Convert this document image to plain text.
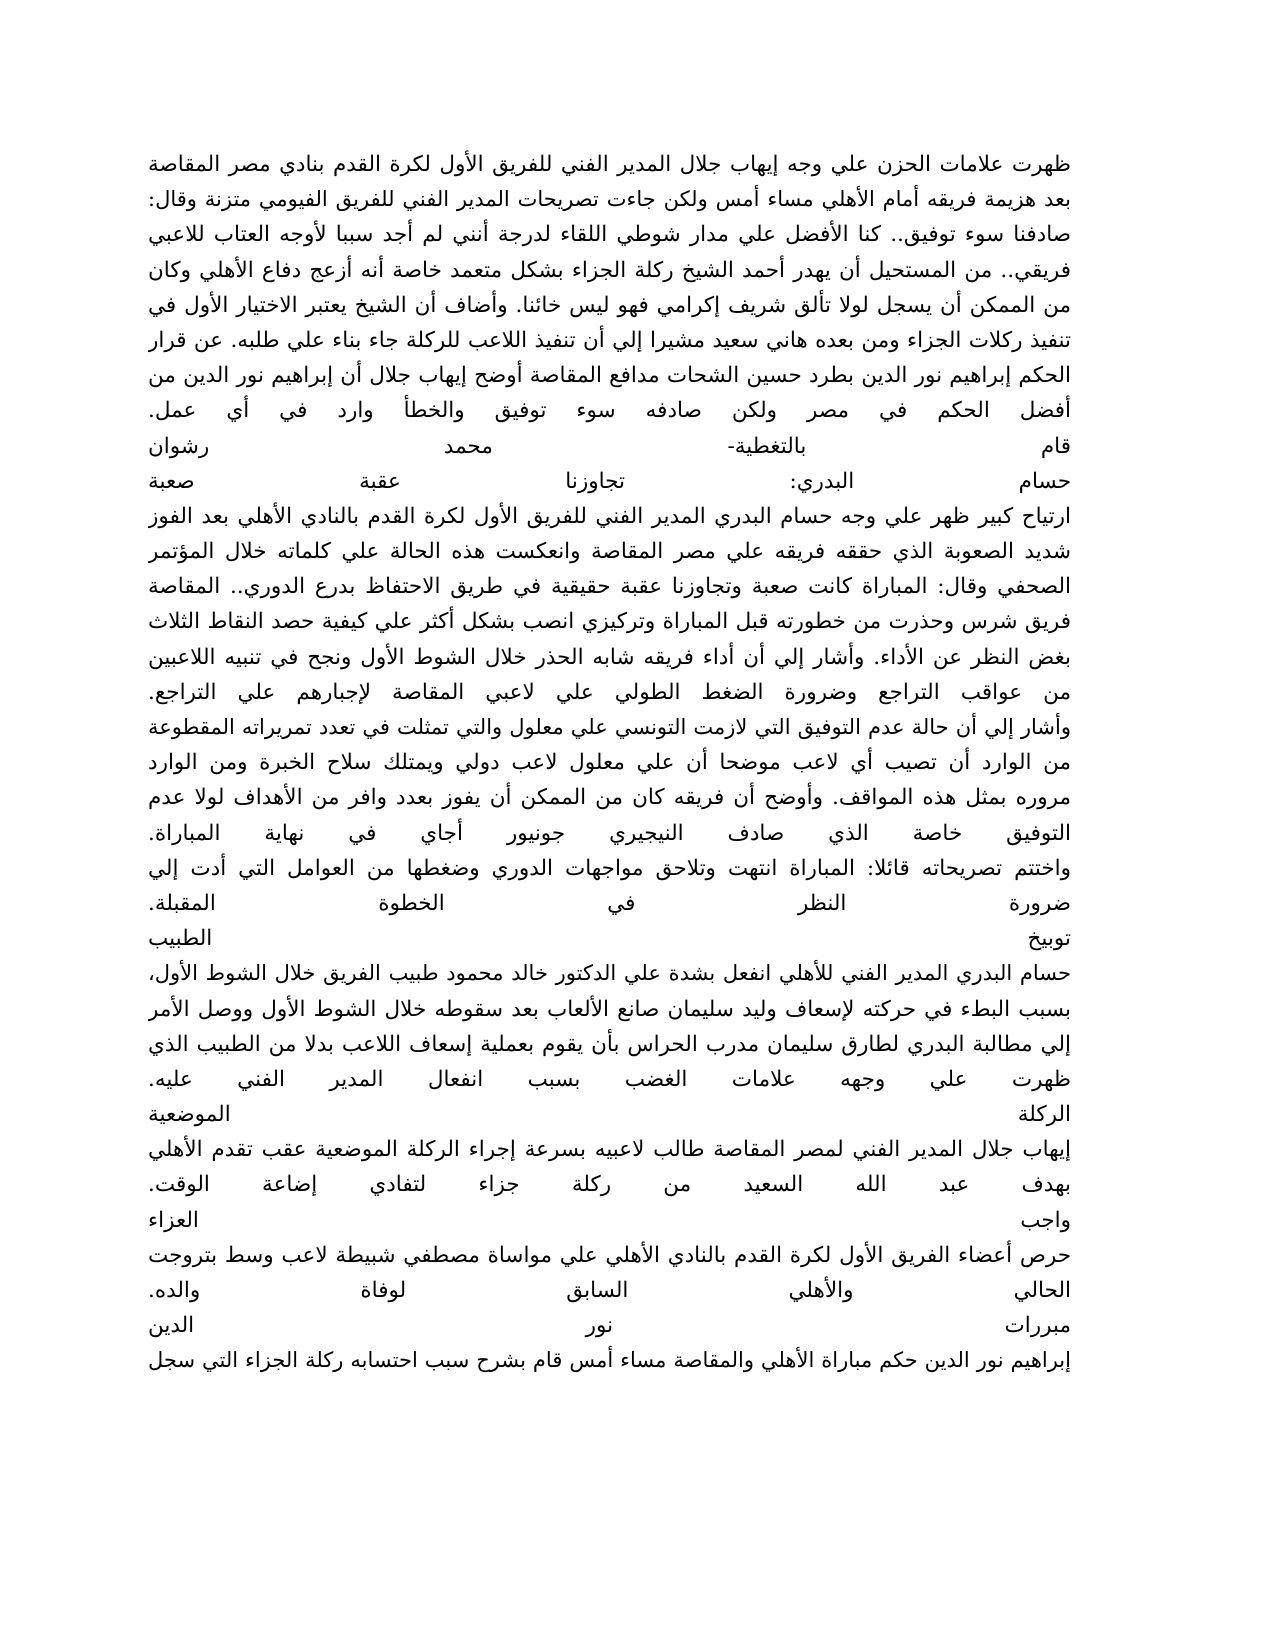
ظهرت علامات الحزن علي وجه إيهاب جلال المدير الفني للفريق الأول لكرة القدم بنادي مصر المقاصة
بعد هزيمة فريقه أمام الأهلي مساء أمس ولكن جاءت تصريحات المدير الفني للفريق الفيومي متزنة وقال:
صادفنا سوء توفيق.. كنا الأفضل علي مدار شوطي اللقاء لدرجة أنني لم أجد سببا لأوجه العتاب للاعبي
فريقي.. من المستحيل أن يهدر أحمد الشيخ ركلة الجزاء بشكل متعمد خاصة أنه أزعج دفاع الأهلي وكان
من الممكن أن يسجل لولا تألق شريف إكرامي فهو ليس خائنا. وأضاف أن الشيخ يعتبر الاختيار الأول في
تنفيذ ركلات الجزاء ومن بعده هاني سعيد مشيرا إلي أن تنفيذ اللاعب للركلة جاء بناء علي طلبه. عن قرار
الحكم إبراهيم نور الدين بطرد حسين الشحات مدافع المقاصة أوضح إيهاب جلال أن إبراهيم نور الدين من
أفضل الحكم في مصر ولكن صادفه سوء توفيق والخطأ وارد في أي عمل.
قام بالتغطية- محمد رشوان
حسام البدري: تجاوزنا عقبة صعبة
ارتياح كبير ظهر علي وجه حسام البدري المدير الفني للفريق الأول لكرة القدم بالنادي الأهلي بعد الفوز
شديد الصعوبة الذي حققه فريقه علي مصر المقاصة وانعكست هذه الحالة علي كلماته خلال المؤتمر
الصحفي وقال: المباراة كانت صعبة وتجاوزنا عقبة حقيقية في طريق الاحتفاظ بدرع الدوري.. المقاصة
فريق شرس وحذرت من خطورته قبل المباراة وتركيزي انصب بشكل أكثر علي كيفية حصد النقاط الثلاث
بغض النظر عن الأداء. وأشار إلي أن أداء فريقه شابه الحذر خلال الشوط الأول ونجح في تنبيه اللاعبين
من عواقب التراجع وضرورة الضغط الطولي علي لاعبي المقاصة لإجبارهم علي التراجع.
وأشار إلي أن حالة عدم التوفيق التي لازمت التونسي علي معلول والتي تمثلت في تعدد تمريراته المقطوعة
من الوارد أن تصيب أي لاعب موضحا أن علي معلول لاعب دولي ويمتلك سلاح الخبرة ومن الوارد
مروره بمثل هذه المواقف. وأوضح أن فريقه كان من الممكن أن يفوز بعدد وافر من الأهداف لولا عدم
التوفيق خاصة الذي صادف النيجيري جونيور أجاي في نهاية المباراة.
واختتم تصريحاته قائلا: المباراة انتهت وتلاحق مواجهات الدوري وضغطها من العوامل التي أدت إلي
ضرورة النظر في الخطوة المقبلة.
توبيخ الطبيب
حسام البدري المدير الفني للأهلي انفعل بشدة علي الدكتور خالد محمود طبيب الفريق خلال الشوط الأول،
بسبب البطء في حركته لإسعاف وليد سليمان صانع الألعاب بعد سقوطه خلال الشوط الأول ووصل الأمر
إلي مطالبة البدري لطارق سليمان مدرب الحراس بأن يقوم بعملية إسعاف اللاعب بدلا من الطبيب الذي
ظهرت علي وجهه علامات الغضب بسبب انفعال المدير الفني عليه.
الركلة الموضعية
إيهاب جلال المدير الفني لمصر المقاصة طالب لاعبيه بسرعة إجراء الركلة الموضعية عقب تقدم الأهلي
بهدف عبد الله السعيد من ركلة جزاء لتفادي إضاعة الوقت.
واجب العزاء
حرص أعضاء الفريق الأول لكرة القدم بالنادي الأهلي علي مواساة مصطفي شبيطة لاعب وسط بتروجت
الحالي والأهلي السابق لوفاة والده.
مبررات نور الدين
إبراهيم نور الدين حكم مباراة الأهلي والمقاصة مساء أمس قام بشرح سبب احتسابه ركلة الجزاء التي سجل
